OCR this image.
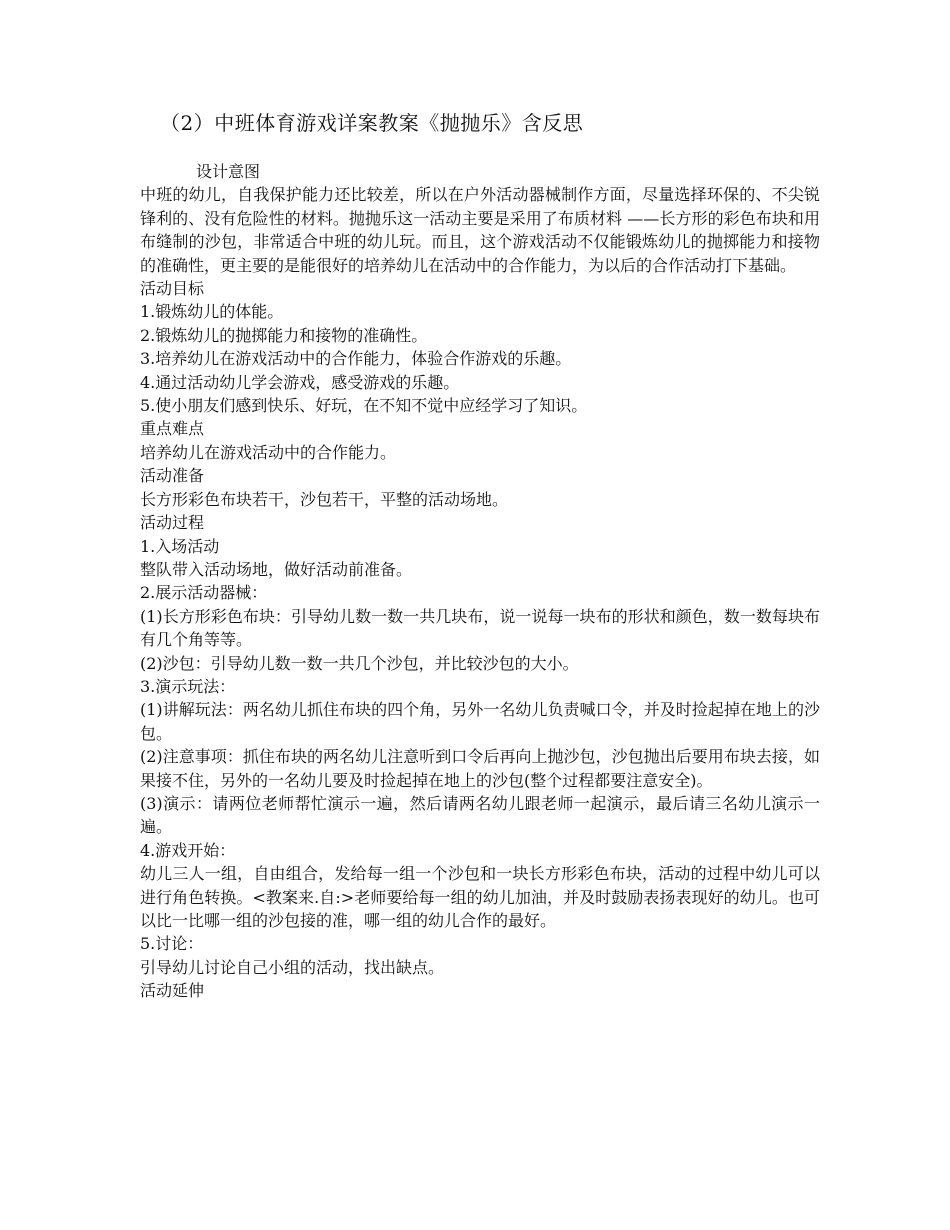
（2）中班体育游戏详案教案《抛抛乐》含反思

设计意图

中班的幼儿，自我保护能力还比较差，所以在户外活动器械制作方面，尽量选择环保的、不尖锐锋利的、没有危险性的材料。抛抛乐这一活动主要是采用了布质材料 ——长方形的彩色布块和用布缝制的沙包，非常适合中班的幼儿玩。而且，这个游戏活动不仅能锻炼幼儿的抛掷能力和接物的准确性，更主要的是能很好的培养幼儿在活动中的合作能力，为以后的合作活动打下基础。

活动目标

1.锻炼幼儿的体能。

2.锻炼幼儿的抛掷能力和接物的准确性。

3.培养幼儿在游戏活动中的合作能力，体验合作游戏的乐趣。

4.通过活动幼儿学会游戏，感受游戏的乐趣。

5.使小朋友们感到快乐、好玩，在不知不觉中应经学习了知识。

重点难点

培养幼儿在游戏活动中的合作能力。

活动准备

长方形彩色布块若干，沙包若干，平整的活动场地。

活动过程

1.入场活动

整队带入活动场地，做好活动前准备。

2.展示活动器械：

(1)长方形彩色布块：引导幼儿数一数一共几块布，说一说每一块布的形状和颜色，数一数每块布有几个角等等。

(2)沙包：引导幼儿数一数一共几个沙包，并比较沙包的大小。

3.演示玩法：

(1)讲解玩法：两名幼儿抓住布块的四个角，另外一名幼儿负责喊口令，并及时捡起掉在地上的沙包。

(2)注意事项：抓住布块的两名幼儿注意听到口令后再向上抛沙包，沙包抛出后要用布块去接，如果接不住，另外的一名幼儿要及时捡起掉在地上的沙包(整个过程都要注意安全)。

(3)演示：请两位老师帮忙演示一遍，然后请两名幼儿跟老师一起演示，最后请三名幼儿演示一遍。

4.游戏开始：

幼儿三人一组，自由组合，发给每一组一个沙包和一块长方形彩色布块，活动的过程中幼儿可以进行角色转换。<教案来.自:>老师要给每一组的幼儿加油，并及时鼓励表扬表现好的幼儿。也可以比一比哪一组的沙包接的准，哪一组的幼儿合作的最好。

5.讨论：

引导幼儿讨论自己小组的活动，找出缺点。

活动延伸
